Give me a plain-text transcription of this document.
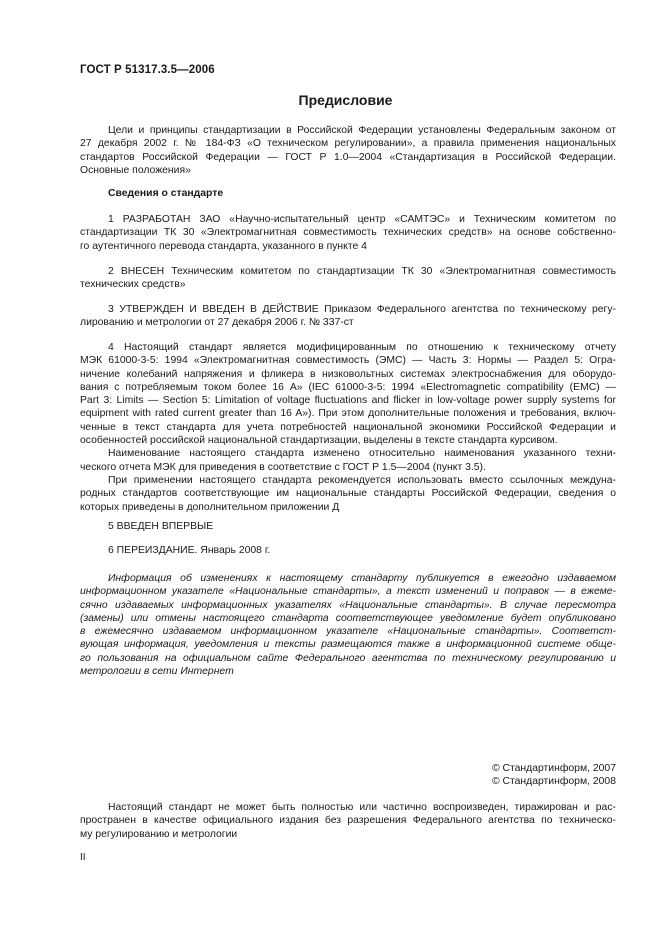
ГОСТ Р 51317.3.5—2006
Предисловие
Цели и принципы стандартизации в Российской Федерации установлены Федеральным законом от
27 декабря 2002 г. № 184-ФЗ «О техническом регулировании», а правила применения национальных
стандартов Российской Федерации — ГОСТ Р 1.0—2004 «Стандартизация в Российской Федерации.
Основные положения»
Сведения о стандарте
1 РАЗРАБОТАН ЗАО «Научно-испытательный центр «САМТЭС» и Техническим комитетом по
стандартизации ТК 30 «Электромагнитная совместимость технических средств» на основе собственно-
го аутентичного перевода стандарта, указанного в пункте 4
2 ВНЕСЕН Техническим комитетом по стандартизации ТК 30 «Электромагнитная совместимость
технических средств»
3 УТВЕРЖДЕН И ВВЕДЕН В ДЕЙСТВИЕ Приказом Федерального агентства по техническому регу-
лированию и метрологии от 27 декабря 2006 г. № 337-ст
4 Настоящий стандарт является модифицированным по отношению к техническому отчету
МЭК 61000-3-5: 1994 «Электромагнитная совместимость (ЭМС) — Часть 3: Нормы — Раздел 5: Огра-
ничение колебаний напряжения и фликера в низковольтных системах электроснабжения для оборудо-
вания с потребляемым током более 16 А» (IEC 61000-3-5: 1994 «Electromagnetic compatibility (EMC) —
Part 3: Limits — Section 5: Limitation of voltage fluctuations and flicker in low-voltage power supply systems for
equipment with rated current greater than 16 A»). При этом дополнительные положения и требования, включ-
ченные в текст стандарта для учета потребностей национальной экономики Российской Федерации и
особенностей российской национальной стандартизации, выделены в тексте стандарта курсивом.
Наименование настоящего стандарта изменено относительно наименования указанного техни-
ческого отчета МЭК для приведения в соответствие с ГОСТ Р 1.5—2004 (пункт 3.5).
При применении настоящего стандарта рекомендуется использовать вместо ссылочных междуна-
родных стандартов соответствующие им национальные стандарты Российской Федерации, сведения о
которых приведены в дополнительном приложении Д
5 ВВЕДЕН ВПЕРВЫЕ
6 ПЕРЕИЗДАНИЕ. Январь 2008 г.
Информация об изменениях к настоящему стандарту публикуется в ежегодно издаваемом
информационном указателе «Национальные стандарты», а текст изменений и поправок — в ежеме-
сячно издаваемых информационных указателях «Национальные стандарты». В случае пересмотра
(замены) или отмены настоящего стандарта соответствующее уведомление будет опубликовано
в ежемесячно издаваемом информационном указателе «Национальные стандарты». Соответст-
вующая информация, уведомления и тексты размещаются также в информационной системе обще-
го пользования на официальном сайте Федерального агентства по техническому регулированию и
метрологии в сети Интернет
© Стандартинформ, 2007
© Стандартинформ, 2008
Настоящий стандарт не может быть полностью или частично воспроизведен, тиражирован и рас-
пространен в качестве официального издания без разрешения Федерального агентства по техническо-
му регулированию и метрологии
II
